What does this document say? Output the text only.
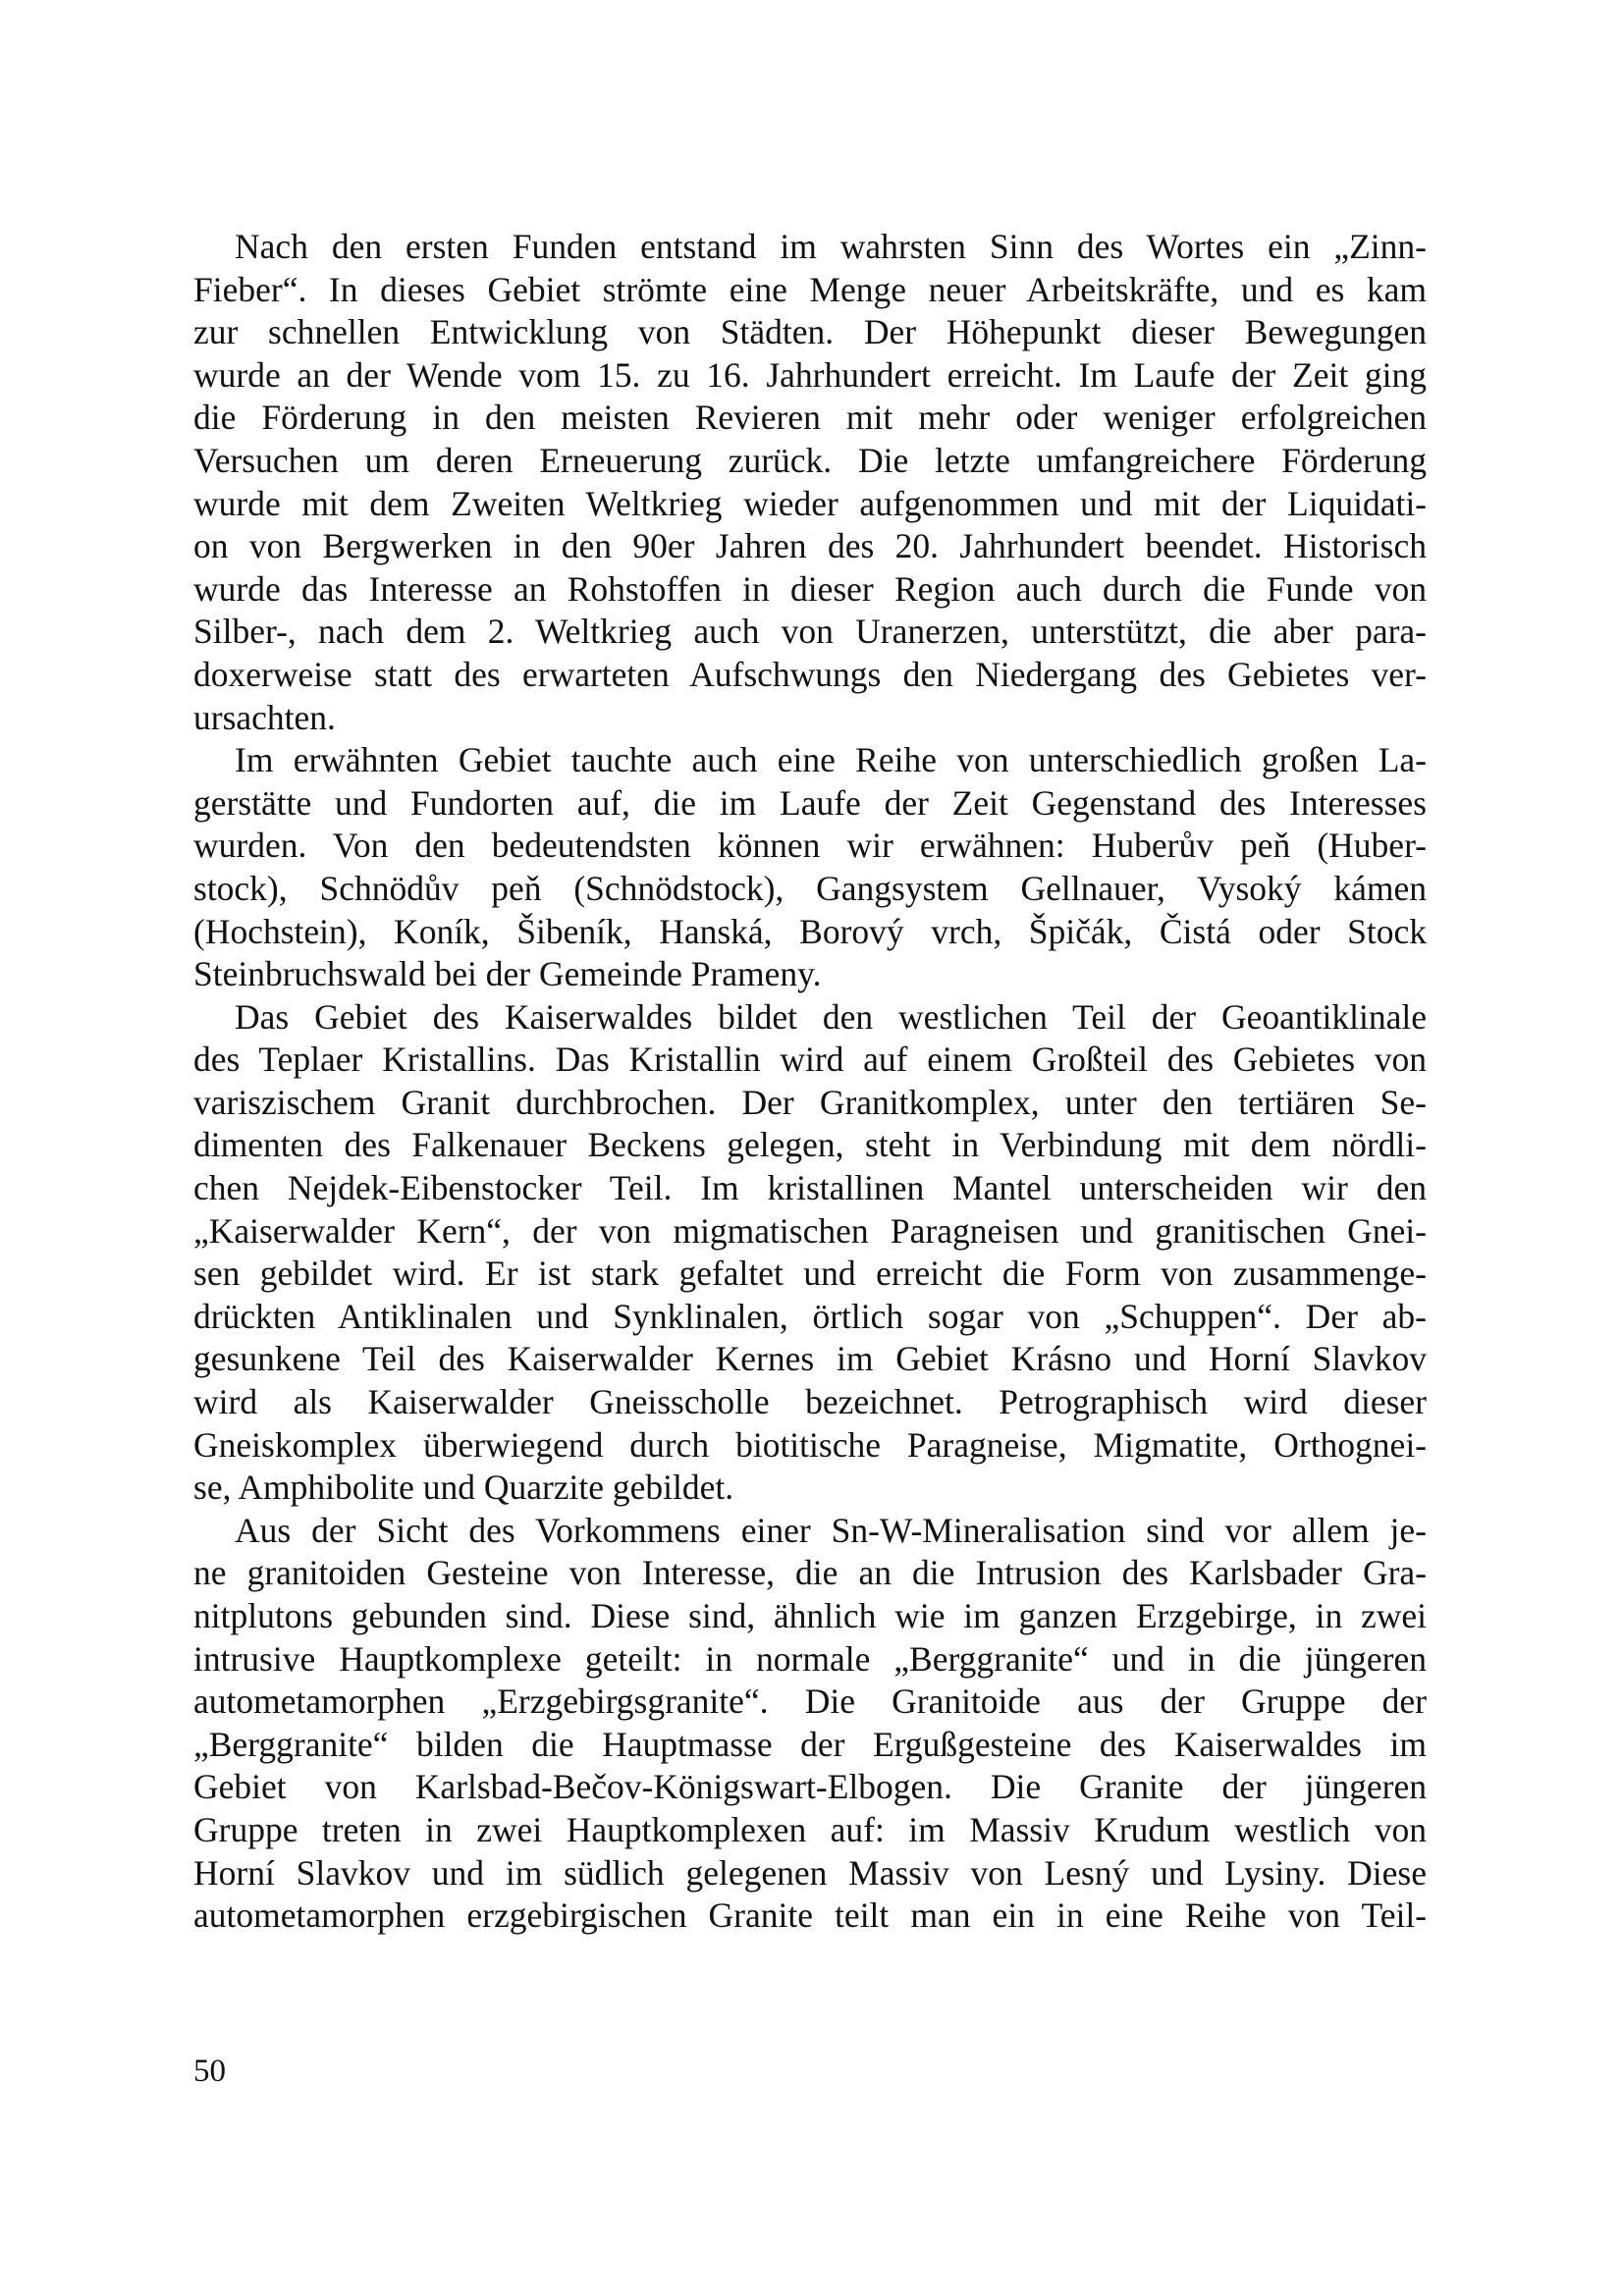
Nach den ersten Funden entstand im wahrsten Sinn des Wortes ein „Zinn-
Fieber“. In dieses Gebiet strömte eine Menge neuer Arbeitskräfte, und es kam
zur schnellen Entwicklung von Städten. Der Höhepunkt dieser Bewegungen
wurde an der Wende vom 15. zu 16. Jahrhundert erreicht. Im Laufe der Zeit ging
die Förderung in den meisten Revieren mit mehr oder weniger erfolgreichen
Versuchen um deren Erneuerung zurück. Die letzte umfangreichere Förderung
wurde mit dem Zweiten Weltkrieg wieder aufgenommen und mit der Liquidati-
on von Bergwerken in den 90er Jahren des 20. Jahrhundert beendet. Historisch
wurde das Interesse an Rohstoffen in dieser Region auch durch die Funde von
Silber-, nach dem 2. Weltkrieg auch von Uranerzen, unterstützt, die aber para-
doxerweise statt des erwarteten Aufschwungs den Niedergang des Gebietes ver-
ursachten.
Im erwähnten Gebiet tauchte auch eine Reihe von unterschiedlich großen La-
gerstätte und Fundorten auf, die im Laufe der Zeit Gegenstand des Interesses
wurden. Von den bedeutendsten können wir erwähnen: Huberův peň (Huber-
stock), Schnödův peň (Schnödstock), Gangsystem Gellnauer, Vysoký kámen
(Hochstein), Koník, Šibeník, Hanská, Borový vrch, Špičák, Čistá oder Stock
Steinbruchswald bei der Gemeinde Prameny.
Das Gebiet des Kaiserwaldes bildet den westlichen Teil der Geoantiklinale
des Teplaer Kristallins. Das Kristallin wird auf einem Großteil des Gebietes von
variszischem Granit durchbrochen. Der Granitkomplex, unter den tertiären Se-
dimenten des Falkenauer Beckens gelegen, steht in Verbindung mit dem nördli-
chen Nejdek-Eibenstocker Teil. Im kristallinen Mantel unterscheiden wir den
„Kaiserwalder Kern“, der von migmatischen Paragneisen und granitischen Gnei-
sen gebildet wird. Er ist stark gefaltet und erreicht die Form von zusammenge-
drückten Antiklinalen und Synklinalen, örtlich sogar von „Schuppen“. Der ab-
gesunkene Teil des Kaiserwalder Kernes im Gebiet Krásno und Horní Slavkov
wird als Kaiserwalder Gneisscholle bezeichnet. Petrographisch wird dieser
Gneiskomplex überwiegend durch biotitische Paragneise, Migmatite, Orthognei-
se, Amphibolite und Quarzite gebildet.
Aus der Sicht des Vorkommens einer Sn-W-Mineralisation sind vor allem je-
ne granitoiden Gesteine von Interesse, die an die Intrusion des Karlsbader Gra-
nitplutons gebunden sind. Diese sind, ähnlich wie im ganzen Erzgebirge, in zwei
intrusive Hauptkomplexe geteilt: in normale „Berggranite“ und in die jüngeren
autometamorphen „Erzgebirgsgranite“. Die Granitoide aus der Gruppe der
„Berggranite“ bilden die Hauptmasse der Ergußgesteine des Kaiserwaldes im
Gebiet von Karlsbad-Bečov-Königswart-Elbogen. Die Granite der jüngeren
Gruppe treten in zwei Hauptkomplexen auf: im Massiv Krudum westlich von
Horní Slavkov und im südlich gelegenen Massiv von Lesný und Lysiny. Diese
autometamorphen erzgebirgischen Granite teilt man ein in eine Reihe von Teil-
50
